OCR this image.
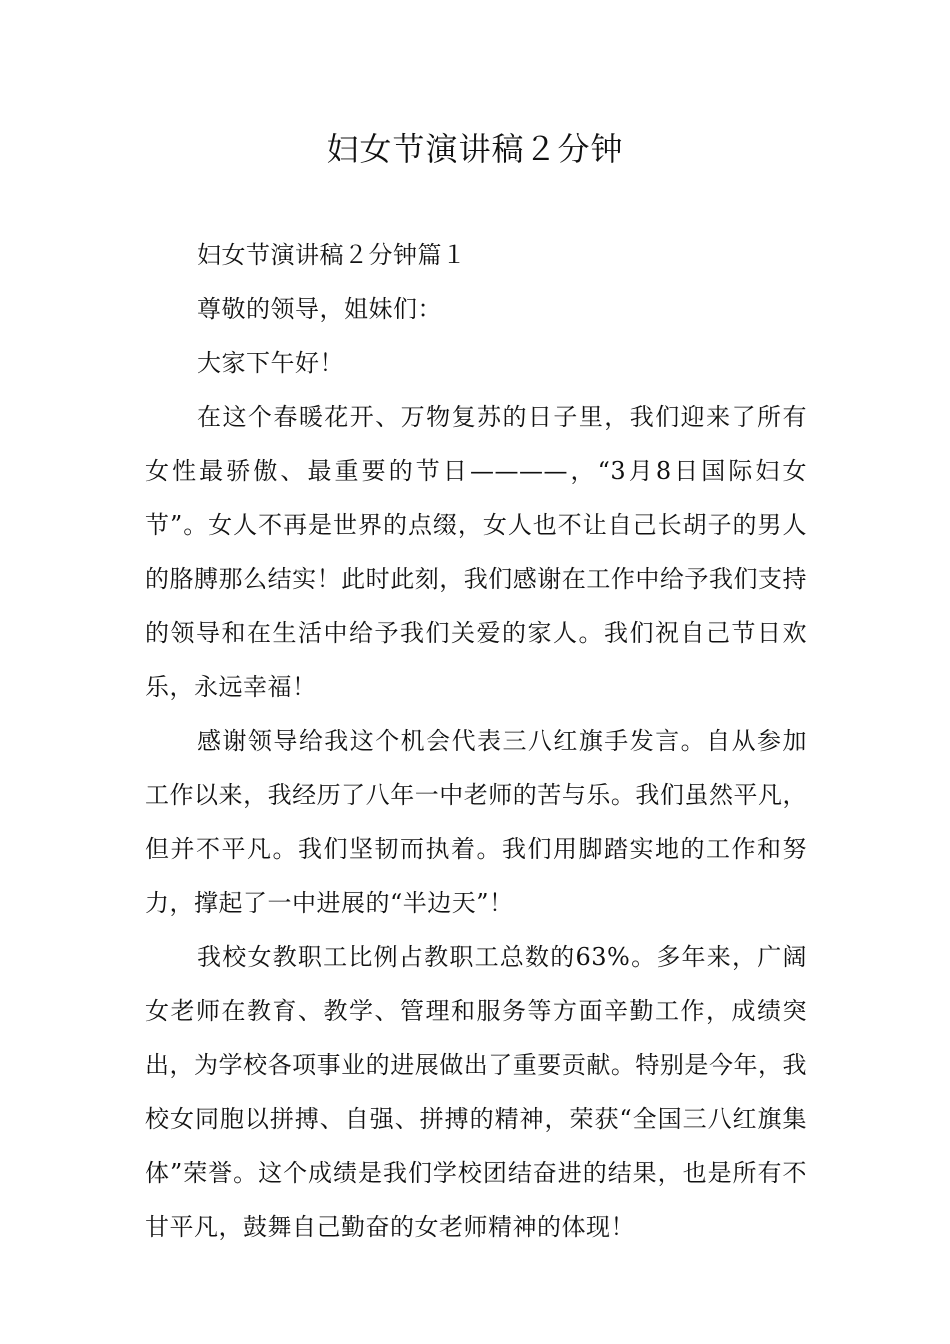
妇女节演讲稿２分钟

妇女节演讲稿２分钟篇１

尊敬的领导，姐妹们：

大家下午好！

在这个春暖花开、万物复苏的日子里，我们迎来了所有女性最骄傲、最重要的节日————，“3月8日国际妇女节”。女人不再是世界的点缀，女人也不让自己长胡子的男人的胳膊那么结实！此时此刻，我们感谢在工作中给予我们支持的领导和在生活中给予我们关爱的家人。我们祝自己节日欢乐，永远幸福！

感谢领导给我这个机会代表三八红旗手发言。自从参加工作以来，我经历了八年一中老师的苦与乐。我们虽然平凡，但并不平凡。我们坚韧而执着。我们用脚踏实地的工作和努力，撑起了一中进展的“半边天”！

我校女教职工比例占教职工总数的63%。多年来，广阔女老师在教育、教学、管理和服务等方面辛勤工作，成绩突出，为学校各项事业的进展做出了重要贡献。特别是今年，我校女同胞以拼搏、自强、拼搏的精神，荣获“全国三八红旗集体”荣誉。这个成绩是我们学校团结奋进的结果，也是所有不甘平凡，鼓舞自己勤奋的女老师精神的体现！
